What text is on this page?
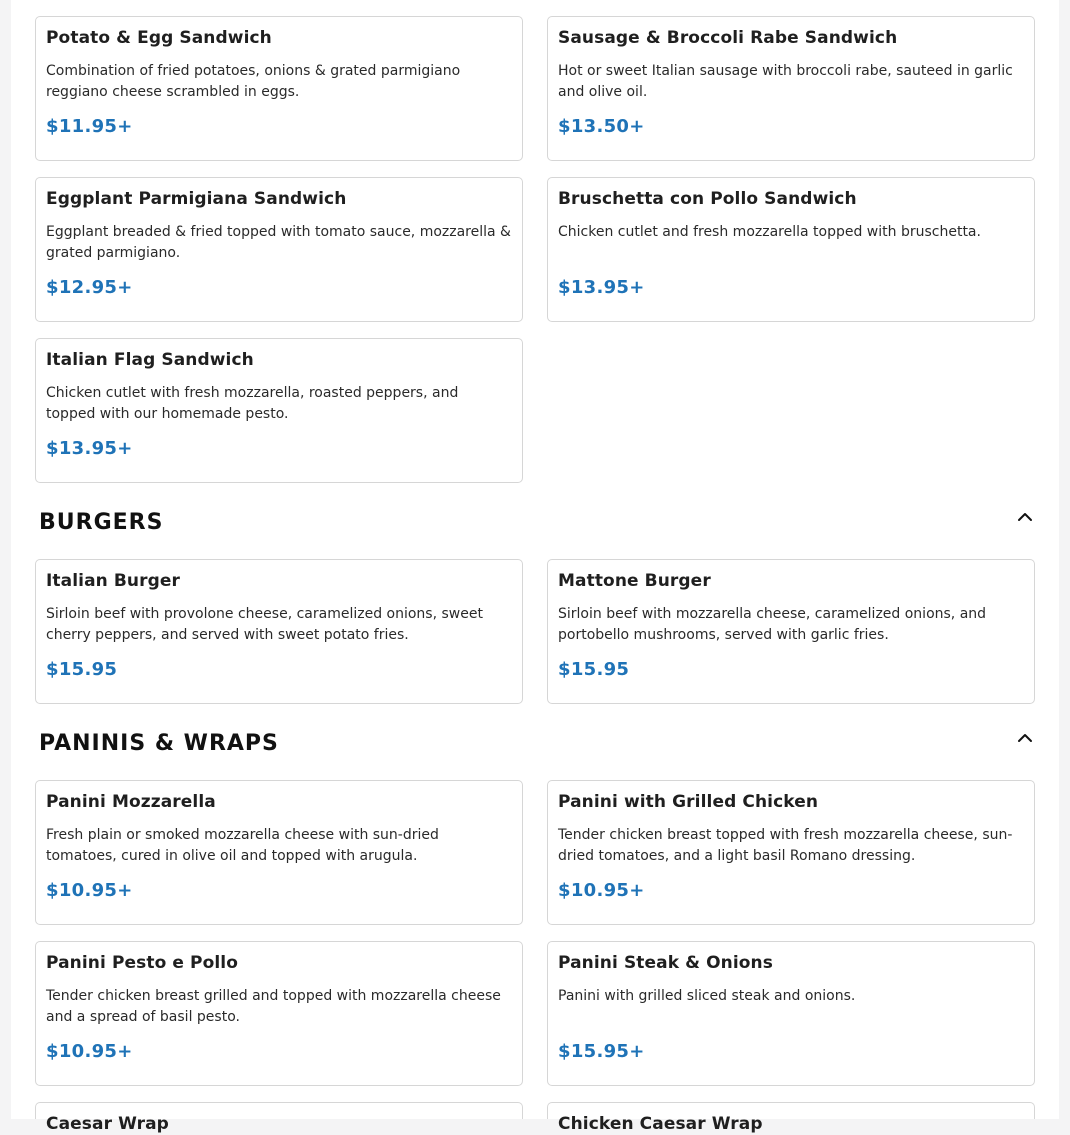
Potato & Egg Sandwich

Combination of fried potatoes, onions & grated parmigiano reggiano cheese scrambled in eggs.

$11.95+
Sausage & Broccoli Rabe Sandwich

Hot or sweet Italian sausage with broccoli rabe, sauteed in garlic and olive oil.

$13.50+
Eggplant Parmigiana Sandwich

Eggplant breaded & fried topped with tomato sauce, mozzarella & grated parmigiano.

$12.95+
Bruschetta con Pollo Sandwich

Chicken cutlet and fresh mozzarella topped with bruschetta.

$13.95+
Italian Flag Sandwich

Chicken cutlet with fresh mozzarella, roasted peppers, and topped with our homemade pesto.

$13.95+
BURGERS
Italian Burger

Sirloin beef with provolone cheese, caramelized onions, sweet cherry peppers, and served with sweet potato fries.

$15.95
Mattone Burger

Sirloin beef with mozzarella cheese, caramelized onions, and portobello mushrooms, served with garlic fries.

$15.95
PANINIS & WRAPS
Panini Mozzarella

Fresh plain or smoked mozzarella cheese with sun-dried tomatoes, cured in olive oil and topped with arugula.

$10.95+
Panini with Grilled Chicken

Tender chicken breast topped with fresh mozzarella cheese, sun-dried tomatoes, and a light basil Romano dressing.

$10.95+
Panini Pesto e Pollo

Tender chicken breast grilled and topped with mozzarella cheese and a spread of basil pesto.

$10.95+
Panini Steak & Onions

Panini with grilled sliced steak and onions.

$15.95+
Caesar Wrap	Chicken Caesar Wrap
